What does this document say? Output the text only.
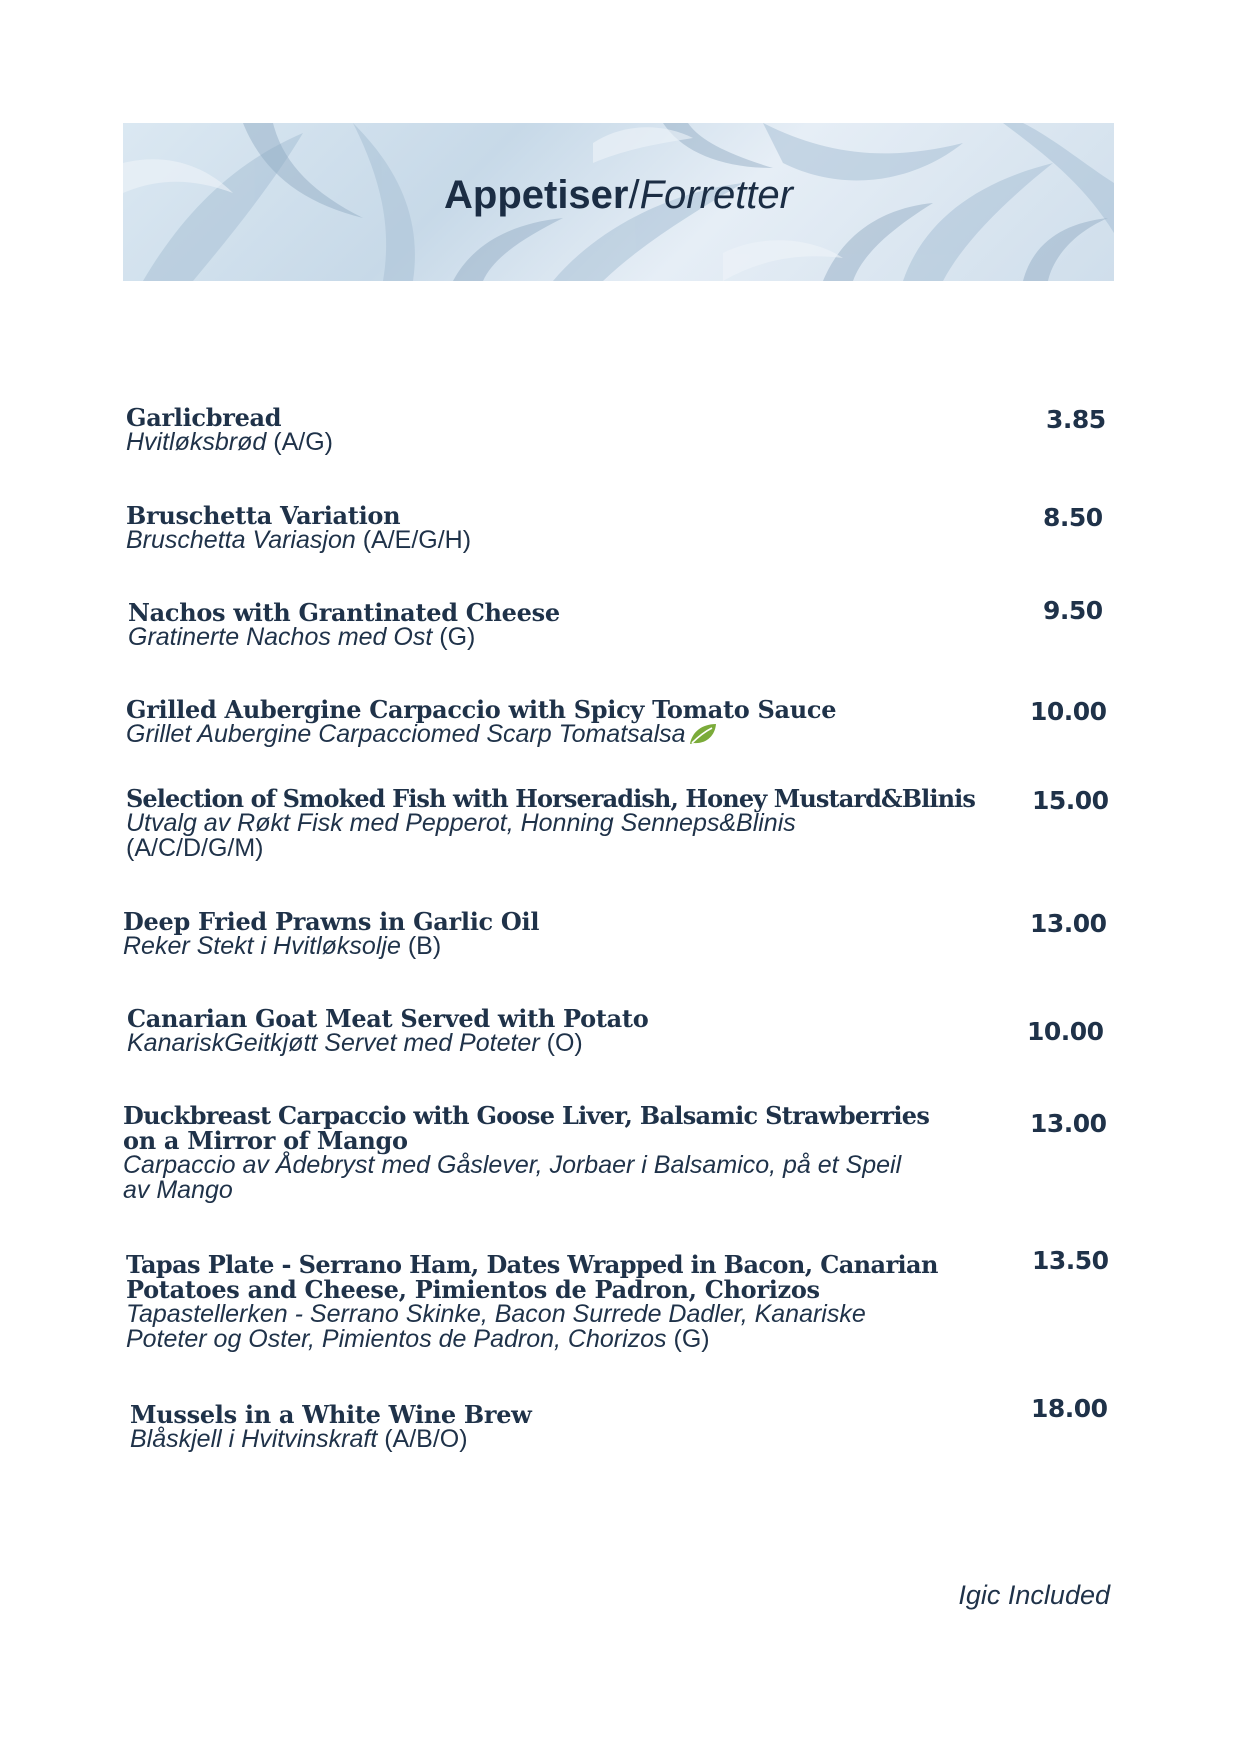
Appetiser/Forretter
Garlicbread
Hvitløksbrød (A/G)
3.85
Bruschetta Variation
Bruschetta Variasjon (A/E/G/H)
8.50
Nachos with Grantinated Cheese
Gratinerte Nachos med Ost (G)
9.50
Grilled Aubergine Carpaccio with Spicy Tomato Sauce
Grillet Aubergine Carpacciomed Scarp Tomatsalsa
10.00
Selection of Smoked Fish with Horseradish, Honey Mustard&Blinis
Utvalg av Røkt Fisk med Pepperot, Honning Senneps&Blinis
(A/C/D/G/M)
15.00
Deep Fried Prawns in Garlic Oil
Reker Stekt i Hvitløksolje (B)
13.00
Canarian Goat Meat Served with Potato
KanariskGeitkjøtt Servet med Poteter (O)	10.00
Duckbreast Carpaccio with Goose Liver, Balsamic Strawberries
on a Mirror of Mango
Carpaccio av Ådebryst med Gåslever, Jorbaer i Balsamico, på et Speil
av Mango
13.00
Tapas Plate - Serrano Ham, Dates Wrapped in Bacon, Canarian
Potatoes and Cheese, Pimientos de Padron, Chorizos
Tapastellerken - Serrano Skinke, Bacon Surrede Dadler, Kanariske
Poteter og Oster, Pimientos de Padron, Chorizos (G)
13.50
Mussels in a White Wine Brew
Blåskjell i Hvitvinskraft (A/B/O)
18.00
Igic Included
